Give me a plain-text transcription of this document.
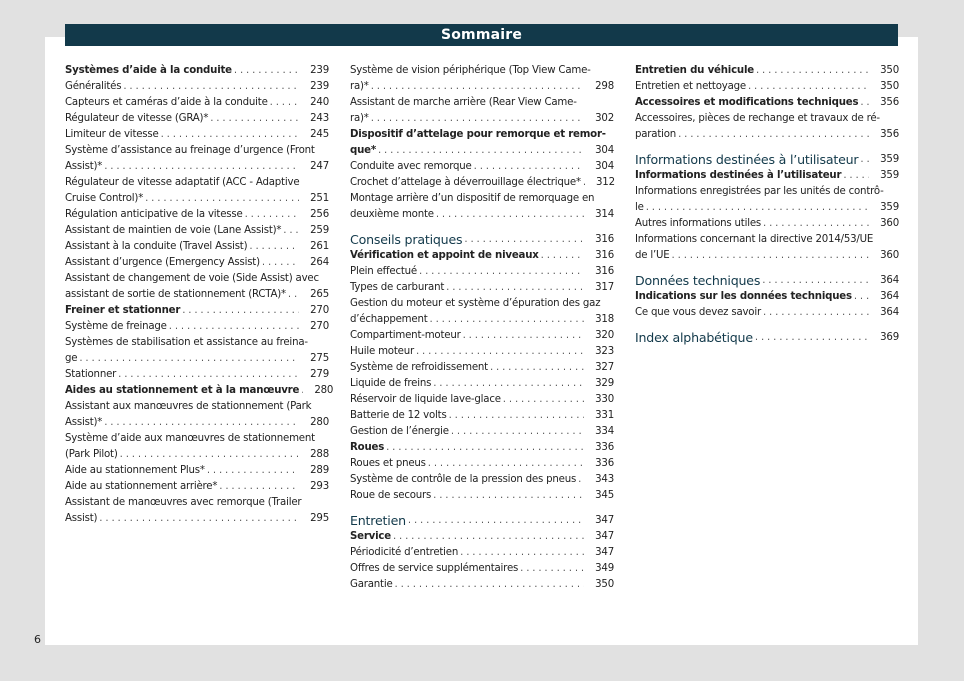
Sommaire
Systèmes d’aide à la conduite . . .	239
Généralités . . .	239
Capteurs et caméras d’aide à la conduite . . .	240
Régulateur de vitesse (GRA)* . . .	243
Limiteur de vitesse . . .	245
Système d’assistance au freinage d’urgence (Front
Assist)* . . .	247
Régulateur de vitesse adaptatif (ACC - Adaptive
Cruise Control)* . . .	251
Régulation anticipative de la vitesse . . .	256
Assistant de maintien de voie (Lane Assist)* . . .	259
Assistant à la conduite (Travel Assist) . . .	261
Assistant d’urgence (Emergency Assist) . . .	264
Assistant de changement de voie (Side Assist) avec
assistant de sortie de stationnement (RCTA)* . . .	265
Freiner et stationner . . .	270
Système de freinage . . .	270
Systèmes de stabilisation et assistance au freina-
ge . . .	275
Stationner . . .	279
Aides au stationnement et à la manœuvre . . .	280
Assistant aux manœuvres de stationnement (Park
Assist)* . . .	280
Système d’aide aux manœuvres de stationnement
(Park Pilot) . . .	288
Aide au stationnement Plus* . . .	289
Aide au stationnement arrière* . . .	293
Assistant de manœuvres avec remorque (Trailer
Assist) . . .	295
Système de vision périphérique (Top View Came-
ra)* . . .	298
Assistant de marche arrière (Rear View Came-
ra)* . . .	302
Dispositif d’attelage pour remorque et remor-
que* . . .	304
Conduite avec remorque . . .	304
Crochet d’attelage à déverrouillage électrique* . . .	312
Montage arrière d’un dispositif de remorquage en
deuxième monte . . .	314
Conseils pratiques . . .	316
Vérification et appoint de niveaux . . .	316
Plein effectué . . .	316
Types de carburant . . .	317
Gestion du moteur et système d’épuration des gaz
d’échappement . . .	318
Compartiment-moteur . . .	320
Huile moteur . . .	323
Système de refroidissement . . .	327
Liquide de freins . . .	329
Réservoir de liquide lave-glace . . .	330
Batterie de 12 volts . . .	331
Gestion de l’énergie . . .	334
Roues . . .	336
Roues et pneus . . .	336
Système de contrôle de la pression des pneus . . .	343
Roue de secours . . .	345
Entretien . . .	347
Service . . .	347
Périodicité d’entretien . . .	347
Offres de service supplémentaires . . .	349
Garantie . . .	350
Entretien du véhicule . . .	350
Entretien et nettoyage . . .	350
Accessoires et modifications techniques . . .	356
Accessoires, pièces de rechange et travaux de ré-
paration . . .	356
Informations destinées à l’utilisateur . . .	359
Informations destinées à l’utilisateur . . .	359
Informations enregistrées par les unités de contrô-
le . . .	359
Autres informations utiles . . .	360
Informations concernant la directive 2014/53/UE
de l’UE . . .	360
Données techniques . . .	364
Indications sur les données techniques . . .	364
Ce que vous devez savoir . . .	364
Index alphabétique . . .	369
6
